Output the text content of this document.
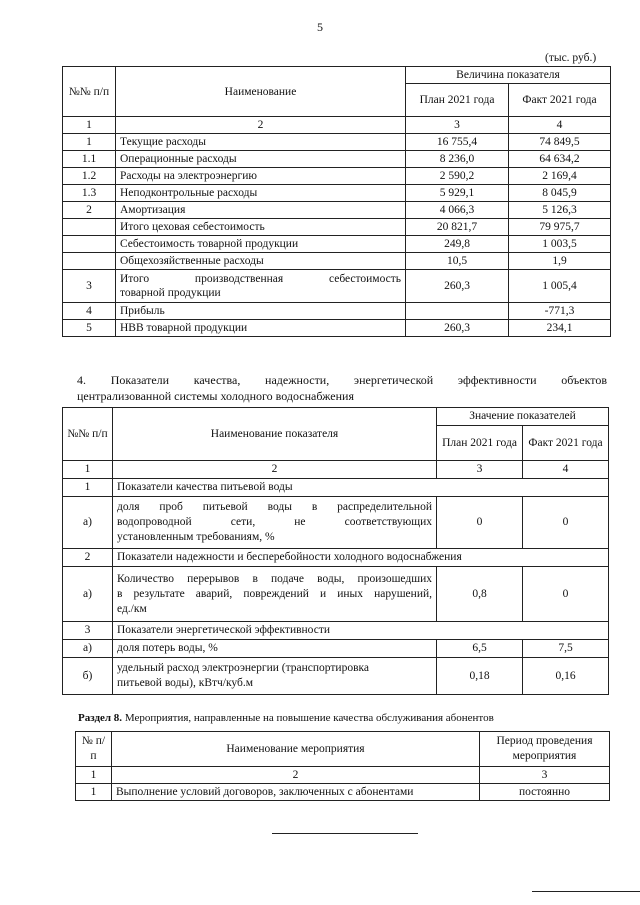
5
(тыс. руб.)
№№ п/п	Наименование	Величина показателя	
		План 2021 года	Факт 2021 года
1	2	3	4
1	Текущие расходы	16 755,4	74 849,5
1.1	Операционные расходы	8 236,0	64 634,2
1.2	Расходы на электроэнергию	2 590,2	2 169,4
1.3	Неподконтрольные расходы	5 929,1	8 045,9
2	Амортизация	4 066,3	5 126,3
	Итого цеховая себестоимость	20 821,7	79 975,7
	Себестоимость товарной продукции	249,8	1 003,5
	Общехозяйственные расходы	10,5	1,9
3	Итого производственная себестоимость
товарной продукции	260,3	1 005,4
4	Прибыль		-771,3
5	НВВ товарной продукции	260,3	234,1
4. Показатели качества, надежности, энергетической эффективности объектов
централизованной системы холодного водоснабжения
№№ п/п	Наименование показателя	Значение показателей	
		План 2021 года	Факт 2021 года
1	2	3	4
1	Показатели качества питьевой воды		
а)	доля проб питьевой воды в распределительной
водопроводной сети, не соответствующих
установленным требованиям, %	0	0
2	Показатели надежности и бесперебойности холодного водоснабжения		
а)	Количество перерывов в подаче воды, произошедших
в результате аварий, повреждений и иных нарушений,
ед./км	0,8	0
3	Показатели энергетической эффективности		
а)	доля потерь воды, %	6,5	7,5
б)	удельный расход электроэнергии (транспортировка
питьевой воды), кВтч/куб.м	0,18	0,16
Раздел 8. Мероприятия, направленные на повышение качества обслуживания абонентов
№ п/п	Наименование мероприятия	Период проведения мероприятия
1	2	3
1	Выполнение условий договоров, заключенных с абонентами	постоянно
